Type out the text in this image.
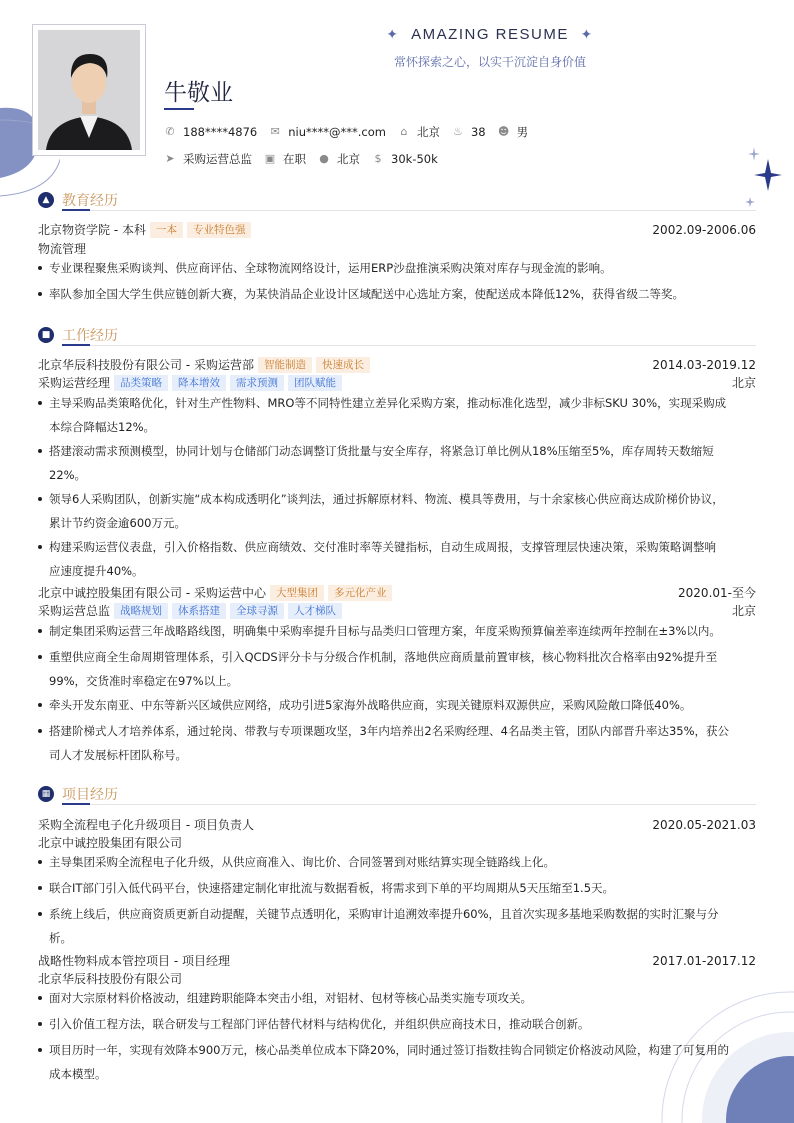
✦ AMAZING RESUME ✦
常怀探索之心，以实干沉淀自身价值
牛敬业
✆ 188****4876 ✉ niu****@***.com ⌂ 北京 ♨ 38 ☻ 男
➤ 采购运营总监 ▣ 在职 ● 北京 $ 30k-50k
▲ 教育经历
北京物资学院 - 本科 一本	专业特色强	2002.09-2006.06
物流管理
专业课程聚焦采购谈判、供应商评估、全球物流网络设计，运用ERP沙盘推演采购决策对库存与现金流的影响。
率队参加全国大学生供应链创新大赛，为某快消品企业设计区域配送中心选址方案，使配送成本降低12%，获得省级二等奖。
■ 工作经历
北京华辰科技股份有限公司 - 采购运营部 智能制造	快速成长	2014.03-2019.12
采购运营经理 品类策略	降本增效	需求预测	团队赋能	北京
主导采购品类策略优化，针对生产性物料、MRO等不同特性建立差异化采购方案，推动标准化选型，减少非标SKU 30%，实现采购成
本综合降幅达12%。
搭建滚动需求预测模型，协同计划与仓储部门动态调整订货批量与安全库存，将紧急订单比例从18%压缩至5%，库存周转天数缩短
22%。
领导6人采购团队，创新实施“成本构成透明化”谈判法，通过拆解原材料、物流、模具等费用，与十余家核心供应商达成阶梯价协议，
累计节约资金逾600万元。
构建采购运营仪表盘，引入价格指数、供应商绩效、交付准时率等关键指标，自动生成周报，支撑管理层快速决策，采购策略调整响
应速度提升40%。
北京中诚控股集团有限公司 - 采购运营中心 大型集团	多元化产业	2020.01-至今
采购运营总监 战略规划	体系搭建	全球寻源	人才梯队	北京
制定集团采购运营三年战略路线图，明确集中采购率提升目标与品类归口管理方案，年度采购预算偏差率连续两年控制在±3%以内。
重塑供应商全生命周期管理体系，引入QCDS评分卡与分级合作机制，落地供应商质量前置审核，核心物料批次合格率由92%提升至
99%，交货准时率稳定在97%以上。
牵头开发东南亚、中东等新兴区域供应网络，成功引进5家海外战略供应商，实现关键原料双源供应，采购风险敞口降低40%。
搭建阶梯式人才培养体系，通过轮岗、带教与专项课题攻坚，3年内培养出2名采购经理、4名品类主管，团队内部晋升率达35%，获公
司人才发展标杆团队称号。
▦ 项目经历
采购全流程电子化升级项目 - 项目负责人	2020.05-2021.03
北京中诚控股集团有限公司
主导集团采购全流程电子化升级，从供应商准入、询比价、合同签署到对账结算实现全链路线上化。
联合IT部门引入低代码平台，快速搭建定制化审批流与数据看板，将需求到下单的平均周期从5天压缩至1.5天。
系统上线后，供应商资质更新自动提醒，关键节点透明化，采购审计追溯效率提升60%，且首次实现多基地采购数据的实时汇聚与分
析。
战略性物料成本管控项目 - 项目经理	2017.01-2017.12
北京华辰科技股份有限公司
面对大宗原材料价格波动，组建跨职能降本突击小组，对铝材、包材等核心品类实施专项攻关。
引入价值工程方法，联合研发与工程部门评估替代材料与结构优化，并组织供应商技术日，推动联合创新。
项目历时一年，实现有效降本900万元，核心品类单位成本下降20%，同时通过签订指数挂钩合同锁定价格波动风险，构建了可复用的
成本模型。
